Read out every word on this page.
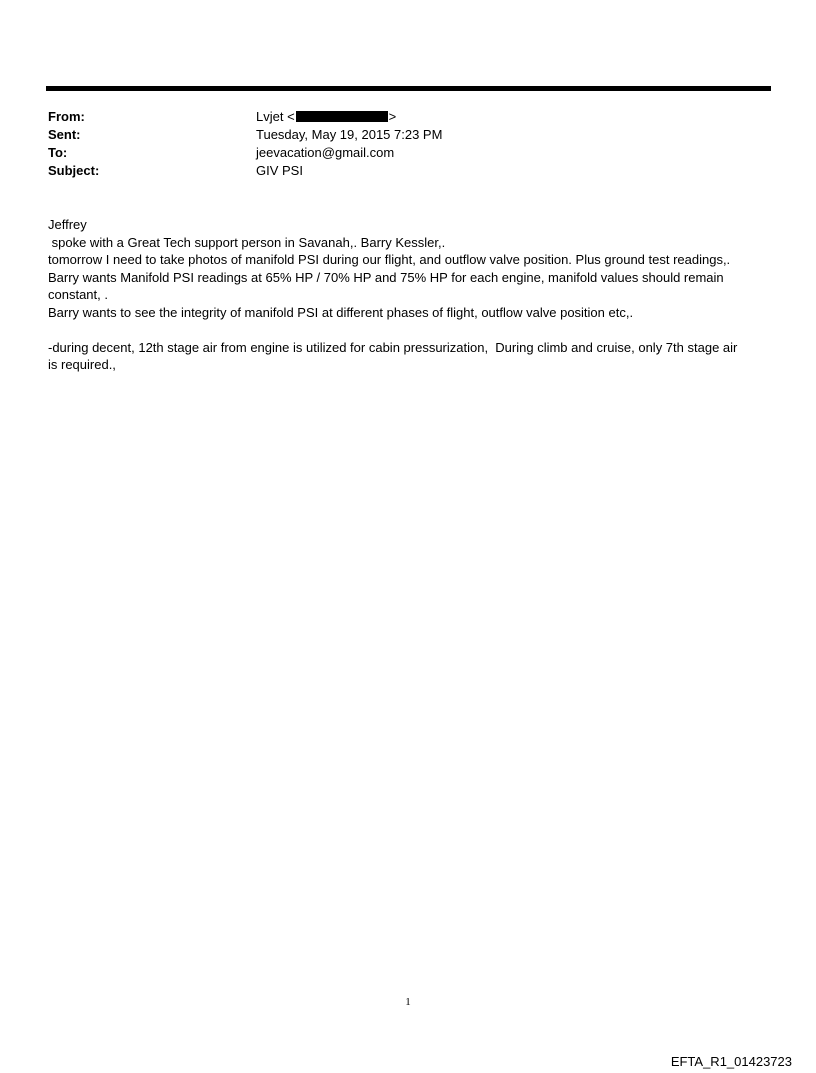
From:	Lvjet <	>
Sent:	Tuesday, May 19, 2015 7:23 PM
To:	jeevacation@gmail.com
Subject:	GIV PSI

Jeffrey

spoke with a Great Tech support person in Savanah,. Barry Kessler,.

tomorrow I need to take photos of manifold PSI during our flight, and outflow valve position. Plus ground test readings,.

Barry wants Manifold PSI readings at 65% HP / 70% HP and 75% HP for each engine, manifold values should remain

constant, .

Barry wants to see the integrity of manifold PSI at different phases of flight, outflow valve position etc,.

-during decent, 12th stage air from engine is utilized for cabin pressurization,  During climb and cruise, only 7th stage air

is required.,

1
EFTA_R1_01423723
